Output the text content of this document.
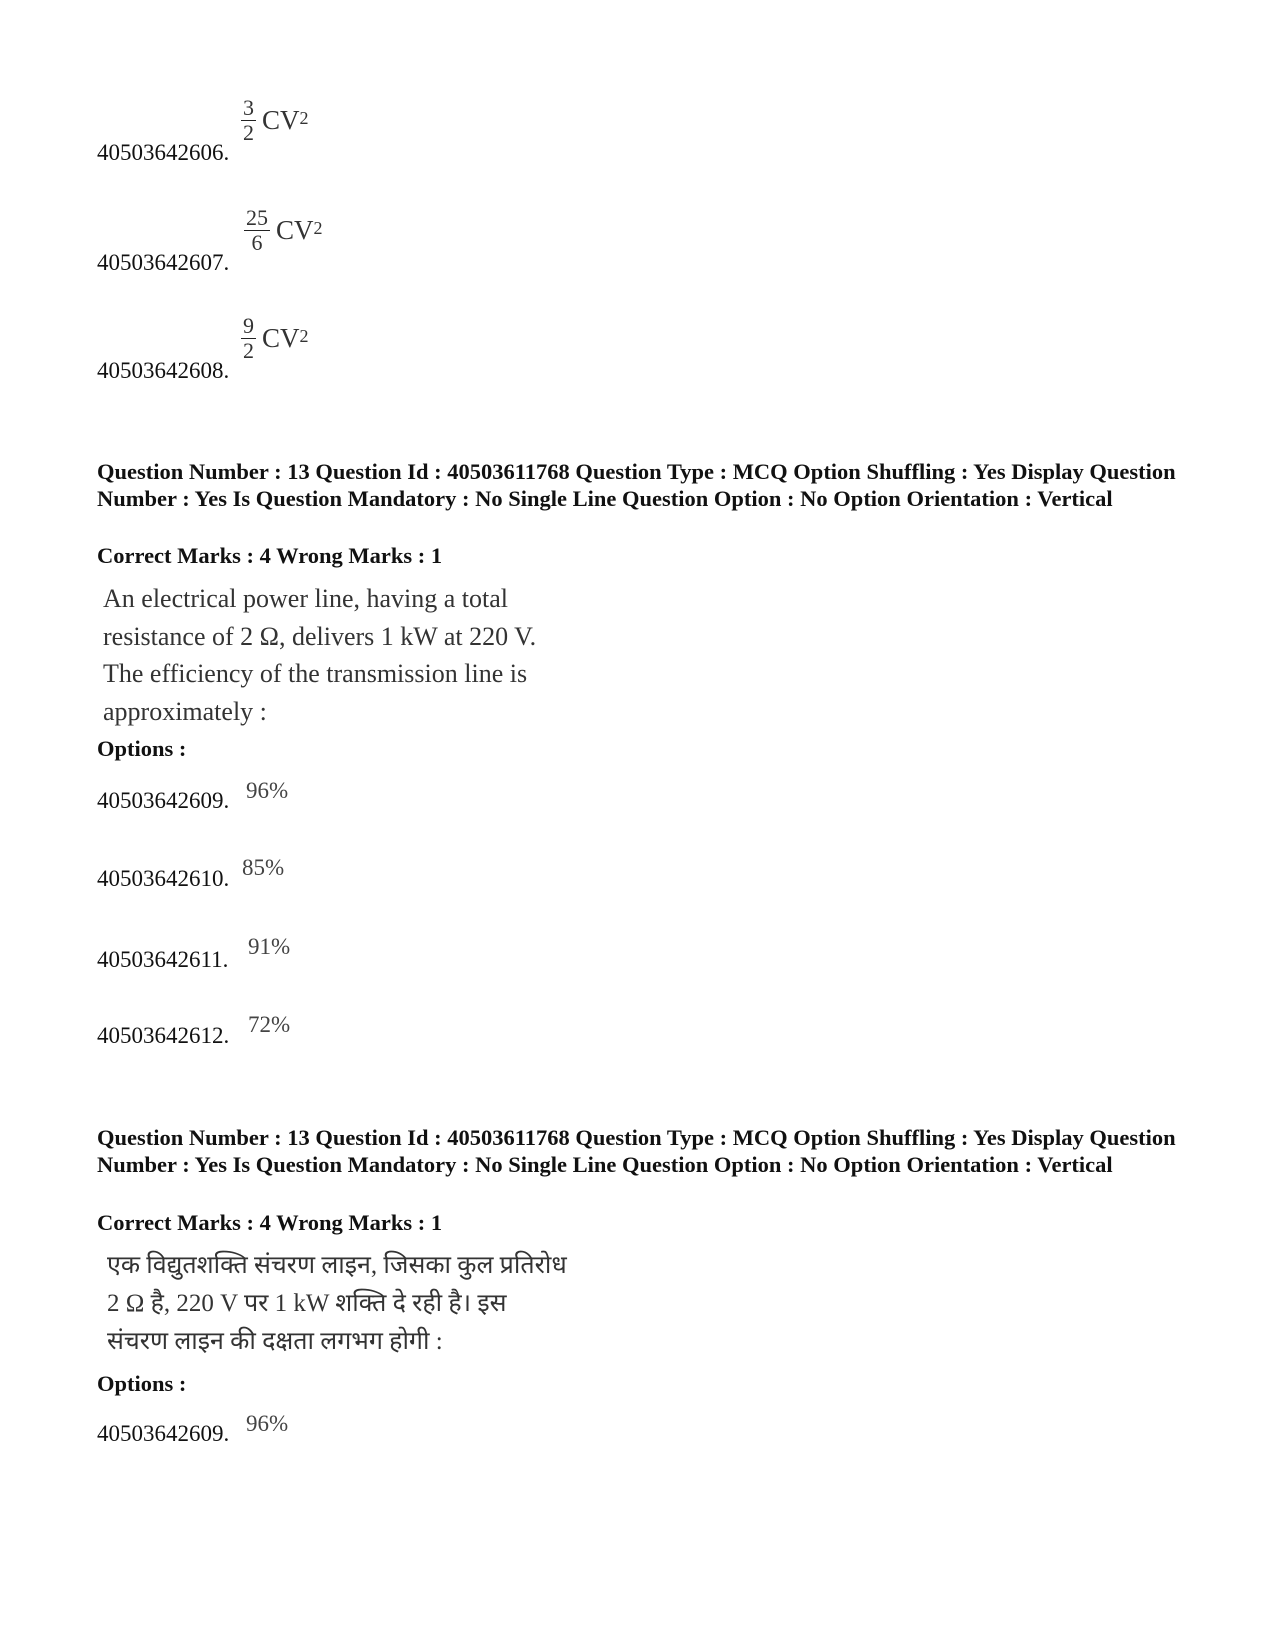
40503642606.
$\frac{3}{2} CV^2$
40503642607.
$\frac{25}{6} CV^2$
40503642608.
$\frac{9}{2} CV^2$
Question Number : 13 Question Id : 40503611768 Question Type : MCQ Option Shuffling : Yes Display Question Number : Yes Is Question Mandatory : No Single Line Question Option : No Option Orientation : Vertical
Correct Marks : 4 Wrong Marks : 1
An electrical power line, having a total
resistance of 2 Ω, delivers 1 kW at 220 V.
The efficiency of the transmission line is
approximately :
Options :
40503642609. 96%
40503642610. 85%
40503642611.
91%
40503642612. 72%
Question Number : 13 Question Id : 40503611768 Question Type : MCQ Option Shuffling : Yes Display Question Number : Yes Is Question Mandatory : No Single Line Question Option : No Option Orientation : Vertical
Correct Marks : 4 Wrong Marks : 1
एक विद्युतशक्ति संचरण लाइन, जिसका कुल प्रतिरोध
2 Ω है, 220 V पर 1 kW शक्ति दे रही है। इस
संचरण लाइन की दक्षता लगभग होगी :
Options :
40503642609. 96%
